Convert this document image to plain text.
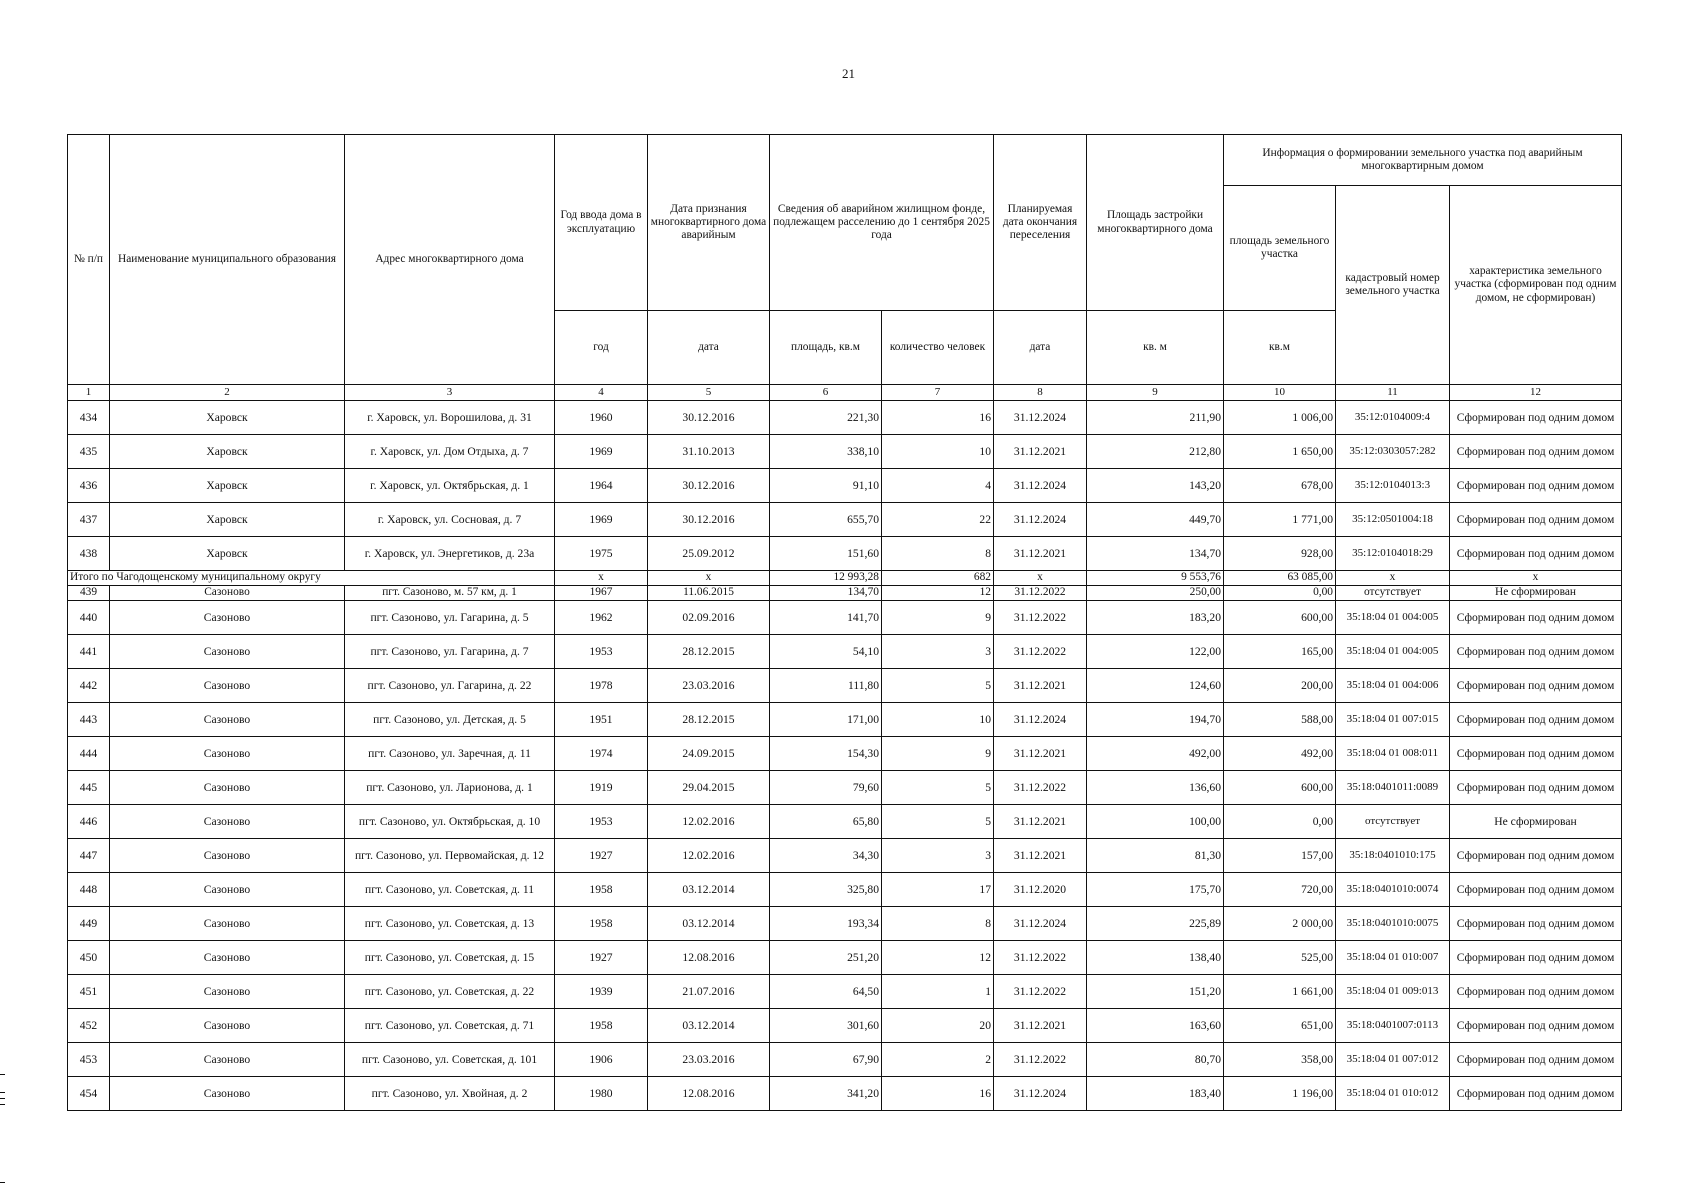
21
№ п/п	Наименование муниципального образования	Адрес многоквартирного дома	Год ввода дома в эксплуатацию	Дата признания многоквартирного дома аварийным	Сведения об аварийном жилищном фонде, подлежащем расселению до 1 сентября 2025 года		Планируемая дата окончания переселения	Площадь застройки многоквартирного дома	Информация о формировании земельного участка под аварийным многоквартирным домом		
									площадь земельного участка	кадастровый номер земельного участка	характеристика земельного участка (сформирован под одним домом, не сформирован)
			год	дата	площадь, кв.м	количество человек	дата	кв. м	кв.м		
1	2	3	4	5	6	7	8	9	10	11	12
434	Харовск	г. Харовск, ул. Ворошилова, д. 31	1960	30.12.2016	221,30	16	31.12.2024	211,90	1 006,00	35:12:0104009:4	Сформирован под одним домом
435	Харовск	г. Харовск, ул. Дом Отдыха, д. 7	1969	31.10.2013	338,10	10	31.12.2021	212,80	1 650,00	35:12:0303057:282	Сформирован под одним домом
436	Харовск	г. Харовск, ул. Октябрьская, д. 1	1964	30.12.2016	91,10	4	31.12.2024	143,20	678,00	35:12:0104013:3	Сформирован под одним домом
437	Харовск	г. Харовск, ул. Сосновая, д. 7	1969	30.12.2016	655,70	22	31.12.2024	449,70	1 771,00	35:12:0501004:18	Сформирован под одним домом
438	Харовск	г. Харовск, ул. Энергетиков, д. 23а	1975	25.09.2012	151,60	8	31.12.2021	134,70	928,00	35:12:0104018:29	Сформирован под одним домом
Итого по Чагодощенскому муниципальному округу			х	х	12 993,28	682	х	9 553,76	63 085,00	х	х
439	Сазоново	пгт. Сазоново, м. 57 км, д. 1	1967	11.06.2015	134,70	12	31.12.2022	250,00	0,00	отсутствует	Не сформирован
440	Сазоново	пгт. Сазоново, ул. Гагарина, д. 5	1962	02.09.2016	141,70	9	31.12.2022	183,20	600,00	35:18:04 01 004:005	Сформирован под одним домом
441	Сазоново	пгт. Сазоново, ул. Гагарина, д. 7	1953	28.12.2015	54,10	3	31.12.2022	122,00	165,00	35:18:04 01 004:005	Сформирован под одним домом
442	Сазоново	пгт. Сазоново, ул. Гагарина, д. 22	1978	23.03.2016	111,80	5	31.12.2021	124,60	200,00	35:18:04 01 004:006	Сформирован под одним домом
443	Сазоново	пгт. Сазоново, ул. Детская, д. 5	1951	28.12.2015	171,00	10	31.12.2024	194,70	588,00	35:18:04 01 007:015	Сформирован под одним домом
444	Сазоново	пгт. Сазоново, ул. Заречная, д. 11	1974	24.09.2015	154,30	9	31.12.2021	492,00	492,00	35:18:04 01 008:011	Сформирован под одним домом
445	Сазоново	пгт. Сазоново, ул. Ларионова, д. 1	1919	29.04.2015	79,60	5	31.12.2022	136,60	600,00	35:18:0401011:0089	Сформирован под одним домом
446	Сазоново	пгт. Сазоново, ул. Октябрьская, д. 10	1953	12.02.2016	65,80	5	31.12.2021	100,00	0,00	отсутствует	Не сформирован
447	Сазоново	пгт. Сазоново, ул. Первомайская, д. 12	1927	12.02.2016	34,30	3	31.12.2021	81,30	157,00	35:18:0401010:175	Сформирован под одним домом
448	Сазоново	пгт. Сазоново, ул. Советская, д. 11	1958	03.12.2014	325,80	17	31.12.2020	175,70	720,00	35:18:0401010:0074	Сформирован под одним домом
449	Сазоново	пгт. Сазоново, ул. Советская, д. 13	1958	03.12.2014	193,34	8	31.12.2024	225,89	2 000,00	35:18:0401010:0075	Сформирован под одним домом
450	Сазоново	пгт. Сазоново, ул. Советская, д. 15	1927	12.08.2016	251,20	12	31.12.2022	138,40	525,00	35:18:04 01 010:007	Сформирован под одним домом
451	Сазоново	пгт. Сазоново, ул. Советская, д. 22	1939	21.07.2016	64,50	1	31.12.2022	151,20	1 661,00	35:18:04 01 009:013	Сформирован под одним домом
452	Сазоново	пгт. Сазоново, ул. Советская, д. 71	1958	03.12.2014	301,60	20	31.12.2021	163,60	651,00	35:18:0401007:0113	Сформирован под одним домом
453	Сазоново	пгт. Сазоново, ул. Советская, д. 101	1906	23.03.2016	67,90	2	31.12.2022	80,70	358,00	35:18:04 01 007:012	Сформирован под одним домом
454	Сазоново	пгт. Сазоново, ул. Хвойная, д. 2	1980	12.08.2016	341,20	16	31.12.2024	183,40	1 196,00	35:18:04 01 010:012	Сформирован под одним домом
